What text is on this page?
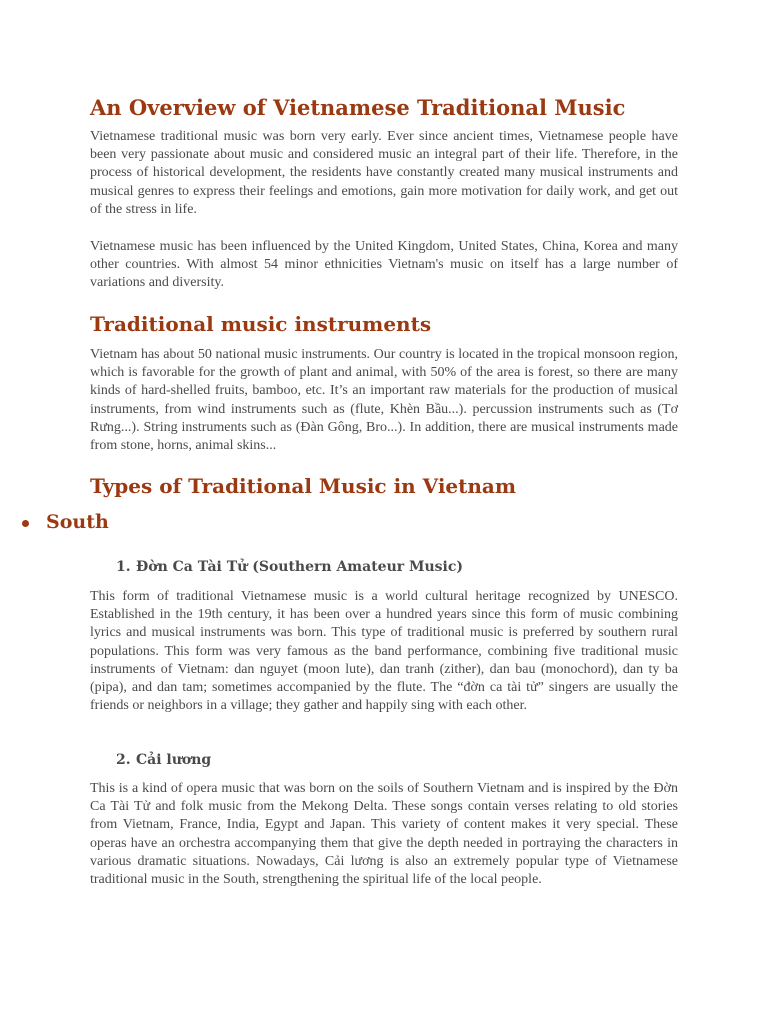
An Overview of Vietnamese Traditional Music

Vietnamese traditional music was born very early. Ever since ancient times, Vietnamese people have been very passionate about music and considered music an integral part of their life. Therefore, in the process of historical development, the residents have constantly created many musical instruments and musical genres to express their feelings and emotions, gain more motivation for daily work, and get out of the stress in life.

Vietnamese music has been influenced by the United Kingdom, United States, China, Korea and many other countries. With almost 54 minor ethnicities Vietnam's music on itself has a large number of variations and diversity.

Traditional music instruments

Vietnam has about 50 national music instruments. Our country is located in the tropical monsoon region, which is favorable for the growth of plant and animal, with 50% of the area is forest, so there are many kinds of hard-shelled fruits, bamboo, etc. It’s an important raw materials for the production of musical instruments, from wind instruments such as (flute, Khèn Bầu...). percussion instruments such as (Tơ Rưng...). String instruments such as (Đàn Gông, Bro...). In addition, there are musical instruments made from stone, horns, animal skins...

Types of Traditional Music in Vietnam
South
1. Đờn Ca Tài Tử (Southern Amateur Music)

This form of traditional Vietnamese music is a world cultural heritage recognized by UNESCO. Established in the 19th century, it has been over a hundred years since this form of music combining lyrics and musical instruments was born. This type of traditional music is preferred by southern rural populations. This form was very famous as the band performance, combining five traditional music instruments of Vietnam: dan nguyet (moon lute), dan tranh (zither), dan bau (monochord), dan ty ba (pipa), and dan tam; sometimes accompanied by the flute. The “đờn ca tài tử” singers are usually the friends or neighbors in a village; they gather and happily sing with each other.

2. Cải lương

This is a kind of opera music that was born on the soils of Southern Vietnam and is inspired by the Đờn Ca Tài Tử and folk music from the Mekong Delta. These songs contain verses relating to old stories from Vietnam, France, India, Egypt and Japan. This variety of content makes it very special. These operas have an orchestra accompanying them that give the depth needed in portraying the characters in various dramatic situations. Nowadays, Cải lương is also an extremely popular type of Vietnamese traditional music in the South, strengthening the spiritual life of the local people.
